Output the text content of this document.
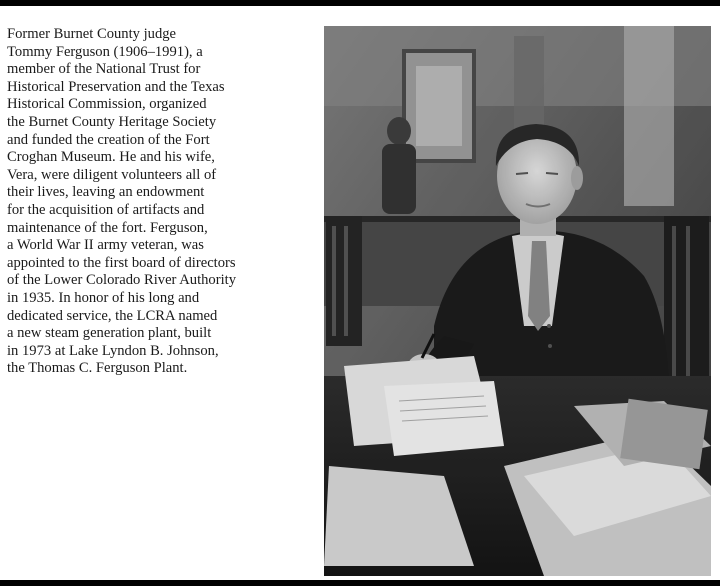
Former Burnet County judge
Tommy Ferguson (1906–1991), a
member of the National Trust for
Historical Preservation and the Texas
Historical Commission, organized
the Burnet County Heritage Society
and funded the creation of the Fort
Croghan Museum. He and his wife,
Vera, were diligent volunteers all of
their lives, leaving an endowment
for the acquisition of artifacts and
maintenance of the fort. Ferguson,
a World War II army veteran, was
appointed to the first board of directors
of the Lower Colorado River Authority
in 1935. In honor of his long and
dedicated service, the LCRA named
a new steam generation plant, built
in 1973 at Lake Lyndon B. Johnson,
the Thomas C. Ferguson Plant.
